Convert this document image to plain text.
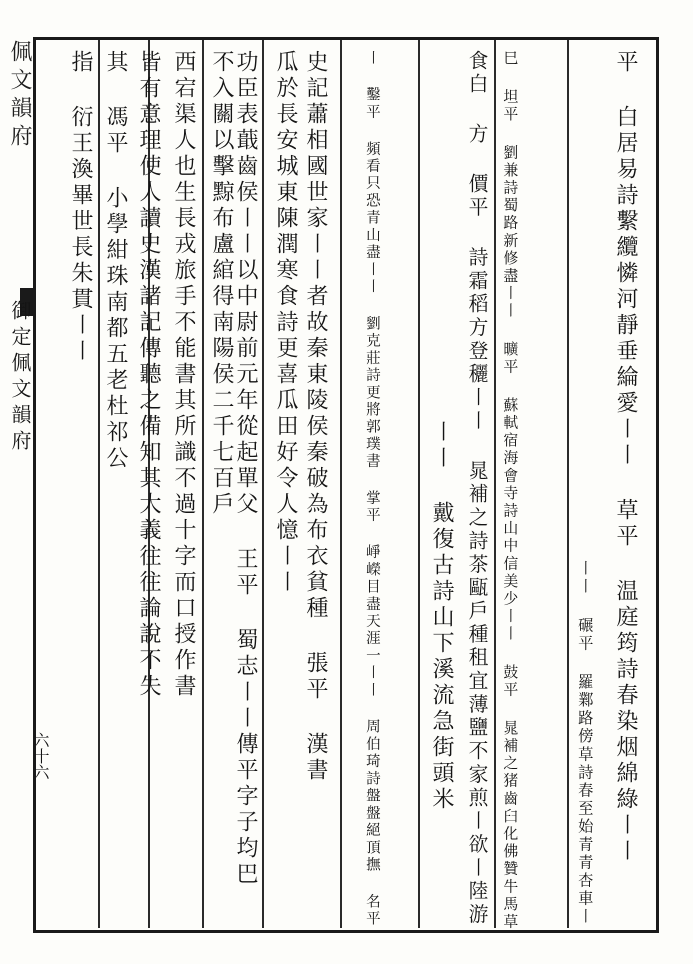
佩文韻府
御定佩文韻府
六十六	平 白居易詩繫纜憐河靜垂綸愛〡〡 草平 温庭筠詩春染烟綿綠〡〡
〡〡 碾平 羅鄴路傍草詩春至始青青杏車〡
巳 坦平 劉兼詩蜀路新修盡〡〡 曠平 蘇軾宿海會寺詩山中信美少〡〡 鼓平 晁補之猪齒臼化佛贊牛馬草
食白 方 價平 詩霜稻方登穲〡〡 晁補之詩茶甌戶種租宜薄鹽不家煎〡欲〡陸游
〡〡 戴復古詩山下溪流急街頭米
〡 鑿平 頻看只恐青山盡〡〡 劉克莊詩更將郭璞書 掌平 崢嶸目盡天涯一〡〡 周伯琦詩盤盤絕頂撫 名平
史記蕭相國世家〡〡者故秦東陵侯秦破為布衣貧種 張平 漢書
瓜於長安城東陳潤寒食詩更喜瓜田好令人憶〡〡
功臣表蕺齒侯〡〡以中尉前元年從起單父 王平 蜀志〡〡傳平字子均巴
不入關以擊黥布盧綰得南陽侯二千七百戶
西宕渠人也生長戎旅手不能書其所識不過十字而口授作書
皆有意理使人讀史漢諸記傳聽之備知其大義往往論說不失
其 馮平 小學紺珠南都五老杜祁公
指 衍王渙畢世長朱貫〡〡
